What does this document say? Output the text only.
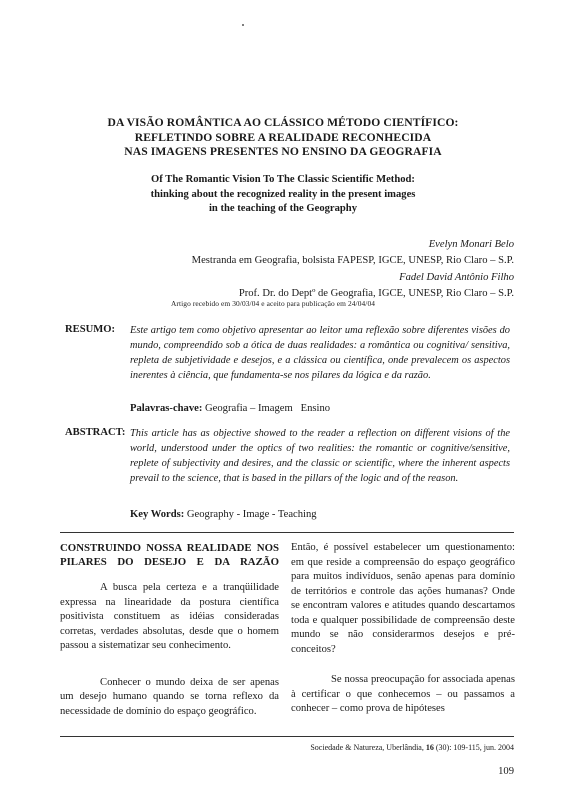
DA VISÃO ROMÂNTICA AO CLÁSSICO MÉTODO CIENTÍFICO:
REFLETINDO SOBRE A REALIDADE RECONHECIDA
NAS IMAGENS PRESENTES NO ENSINO DA GEOGRAFIA
Of The Romantic Vision To The Classic Scientific Method:
thinking about the recognized reality in the present images
in the teaching of the Geography
Evelyn Monari Belo
Mestranda em Geografia, bolsista FAPESP, IGCE, UNESP, Rio Claro – S.P.
Fadel David Antônio Filho
Prof. Dr. do Deptº de Geografia, IGCE, UNESP, Rio Claro – S.P.
Artigo recebido em 30/03/04 e aceito para publicação em 24/04/04
RESUMO: Este artigo tem como objetivo apresentar ao leitor uma reflexão sobre diferentes visões do mundo, compreendido sob a ótica de duas realidades: a romântica ou cognitiva/ sensitiva, repleta de subjetividade e desejos, e a clássica ou científica, onde prevalecem os aspectos inerentes à ciência, que fundamenta-se nos pilares da lógica e da razão.
Palavras-chave: Geografia – Imagem   Ensino
ABSTRACT: This article has as objective showed to the reader a reflection on different visions of the world, understood under the optics of two realities: the romantic or cognitive/sensitive, replete of subjectivity and desires, and the classic or scientific, where the inherent aspects prevail to the science, that is based in the pillars of the logic and of the reason.
Key Words: Geography - Image - Teaching
CONSTRUINDO NOSSA REALIDADE NOS PILARES DO DESEJO E DA RAZÃO

A busca pela certeza e a tranqüilidade expressa na linearidade da postura científica positivista constituem as idéias consideradas corretas, verdades absolutas, desde que o homem passou a sistematizar seu conhecimento.

Conhecer o mundo deixa de ser apenas um desejo humano quando se torna reflexo da necessidade de domínio do espaço geográfico.

Então, é possível estabelecer um questionamento: em que reside a compreensão do espaço geográfico para muitos indivíduos, senão apenas para domínio de territórios e controle das ações humanas? Onde se encontram valores e atitudes quando descartamos toda e qualquer possibilidade de compreensão deste mundo se não considerarmos desejos e pré-conceitos?

Se nossa preocupação for associada apenas à certificar o que conhecemos – ou passamos a conhecer – como prova de hipóteses

Sociedade & Natureza, Uberlândia, 16 (30): 109-115, jun. 2004
109
